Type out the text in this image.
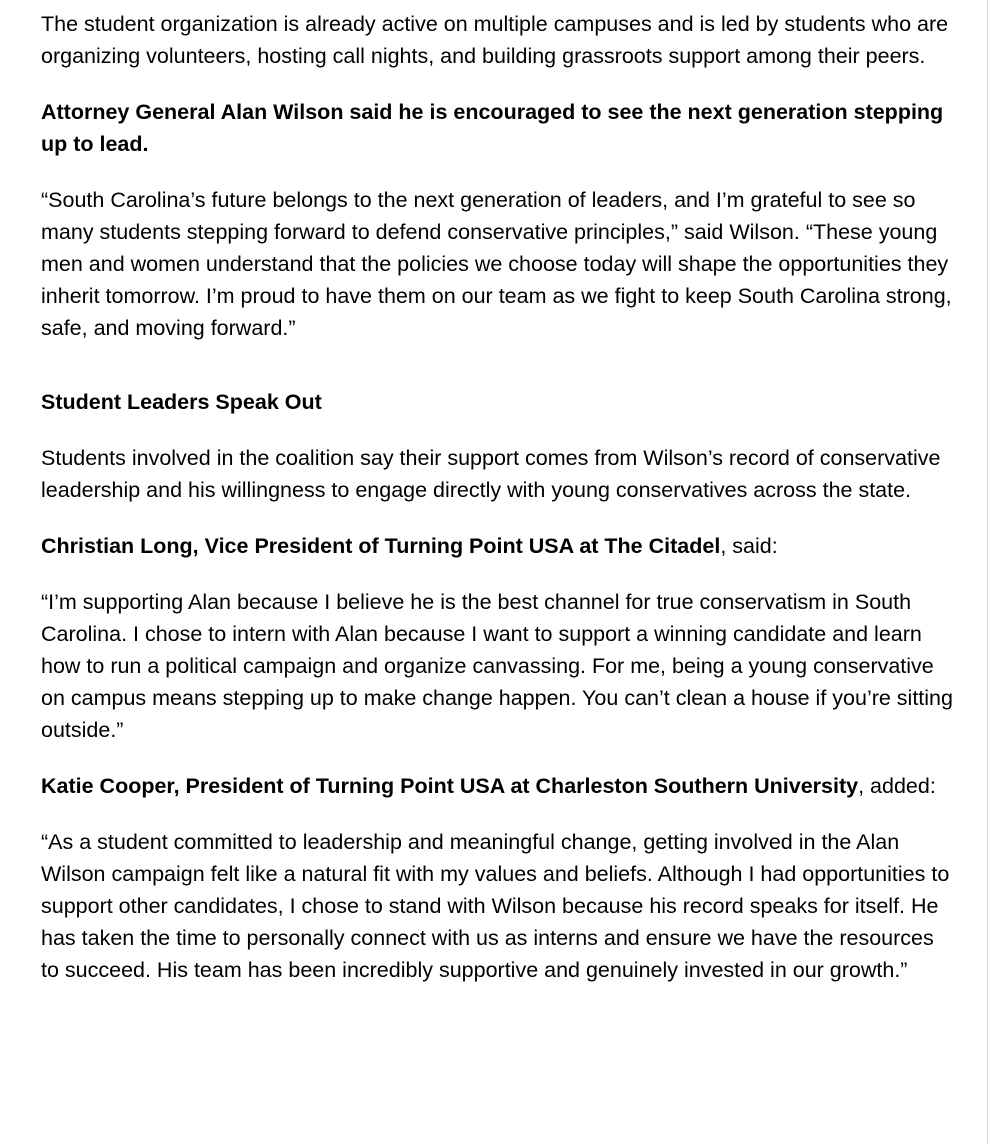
The student organization is already active on multiple campuses and is led by students who are organizing volunteers, hosting call nights, and building grassroots support among their peers.

Attorney General Alan Wilson said he is encouraged to see the next generation stepping up to lead.

“South Carolina’s future belongs to the next generation of leaders, and I’m grateful to see so many students stepping forward to defend conservative principles,” said Wilson. “These young men and women understand that the policies we choose today will shape the opportunities they inherit tomorrow. I’m proud to have them on our team as we fight to keep South Carolina strong, safe, and moving forward.”

Student Leaders Speak Out

Students involved in the coalition say their support comes from Wilson’s record of conservative leadership and his willingness to engage directly with young conservatives across the state.

Christian Long, Vice President of Turning Point USA at The Citadel, said:

“I’m supporting Alan because I believe he is the best channel for true conservatism in South Carolina. I chose to intern with Alan because I want to support a winning candidate and learn how to run a political campaign and organize canvassing. For me, being a young conservative on campus means stepping up to make change happen. You can’t clean a house if you’re sitting outside.”

Katie Cooper, President of Turning Point USA at Charleston Southern University, added:

“As a student committed to leadership and meaningful change, getting involved in the Alan Wilson campaign felt like a natural fit with my values and beliefs. Although I had opportunities to support other candidates, I chose to stand with Wilson because his record speaks for itself. He has taken the time to personally connect with us as interns and ensure we have the resources to succeed. His team has been incredibly supportive and genuinely invested in our growth.”
